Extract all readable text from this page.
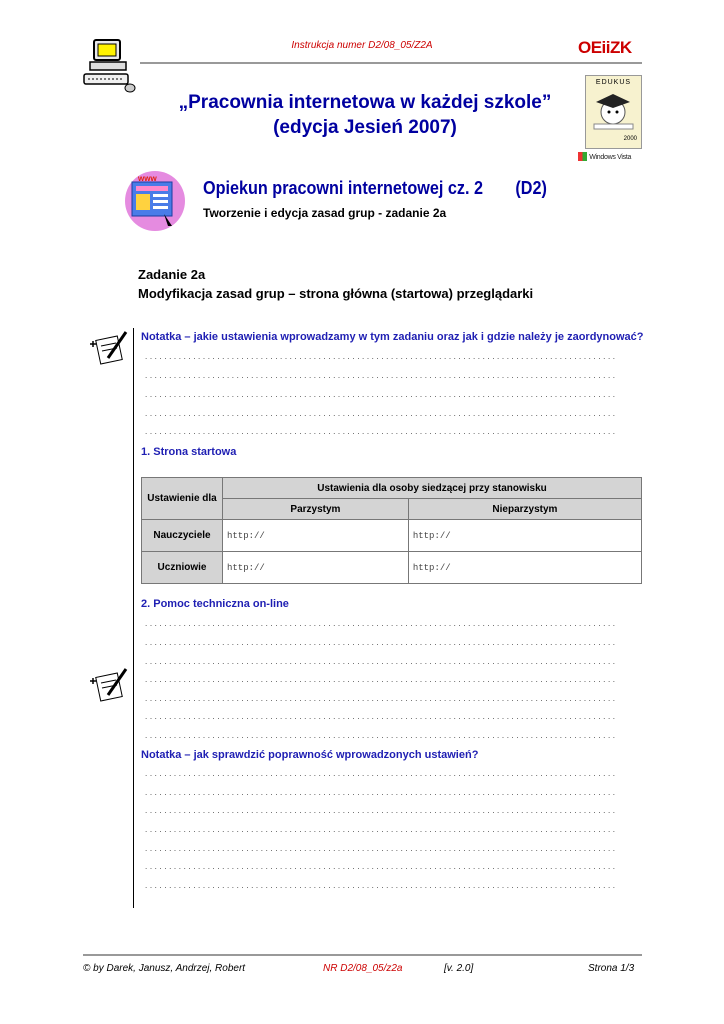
Instrukcja numer D2/08_05/Z2A	OEiiZK
„Pracownia internetowa w każdej szkole”
(edycja Jesień 2007)
EDUKUS
2000
Windows Vista
www	Opiekun pracowni internetowej cz. 2 (D2)
Tworzenie i edycja zasad grup - zadanie 2a
Zadanie 2a
Modyfikacja zasad grup – strona główna (startowa) przeglądarki
Notatka – jakie ustawienia wprowadzamy w tym zadaniu oraz jak i gdzie należy je zaordynować?
..................................................................................................
..................................................................................................
..................................................................................................
..................................................................................................
..................................................................................................
1. Strona startowa
Ustawienie dla	Ustawienia dla osoby siedzącej przy stanowisku	
	Parzystym	Nieparzystym
Nauczyciele	http://	http://
Uczniowie	http://	http://
2. Pomoc techniczna on-line
..................................................................................................
..................................................................................................
..................................................................................................
..................................................................................................
..................................................................................................
..................................................................................................
..................................................................................................
Notatka – jak sprawdzić poprawność wprowadzonych ustawień?
..................................................................................................
..................................................................................................
..................................................................................................
..................................................................................................
..................................................................................................
..................................................................................................
..................................................................................................
© by Darek, Janusz, Andrzej, Robert	NR D2/08_05/z2a	[v. 2.0]	Strona 1/3
